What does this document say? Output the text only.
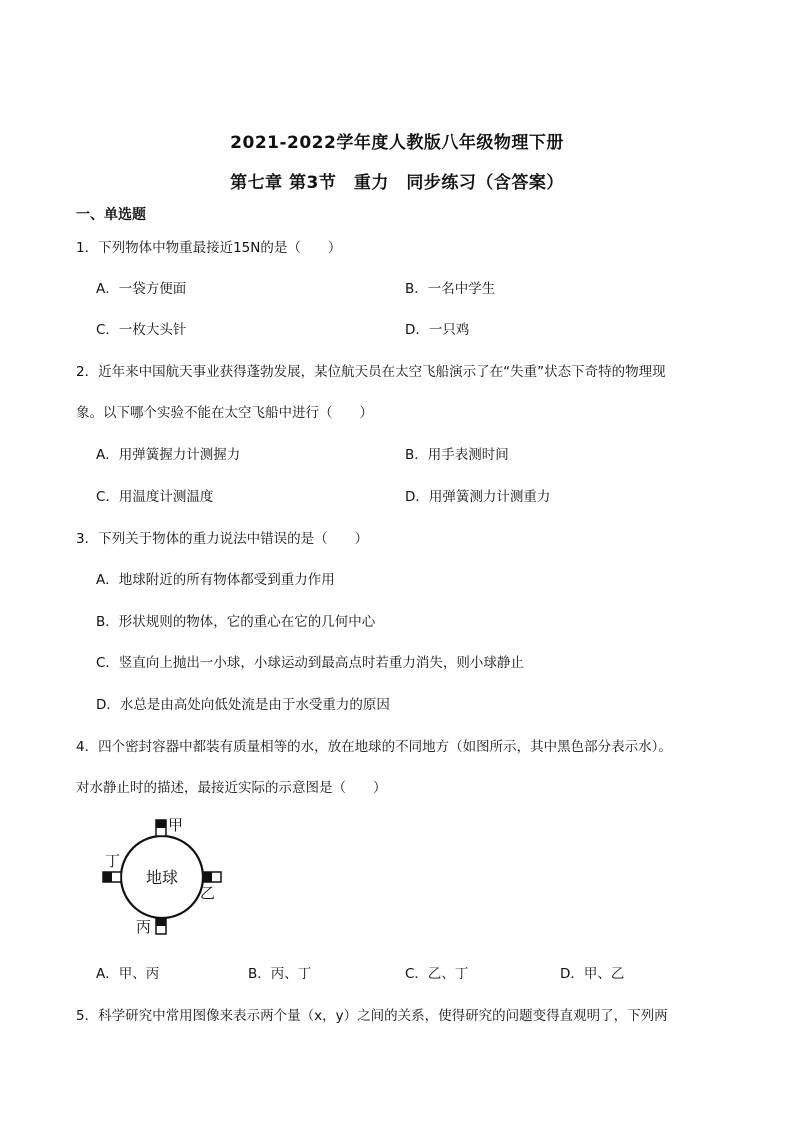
2021-2022学年度人教版八年级物理下册
第七章 第3节　重力　同步练习（含答案）
一、单选题
1．下列物体中物重最接近15N的是（　　）
A．一袋方便面	B．一名中学生
C．一枚大头针	D．一只鸡
2．近年来中国航天事业获得蓬勃发展，某位航天员在太空飞船演示了在“失重”状态下奇特的物理现
象。以下哪个实验不能在太空飞船中进行（　　）
A．用弹簧握力计测握力	B．用手表测时间
C．用温度计测温度	D．用弹簧测力计测重力
3．下列关于物体的重力说法中错误的是（　　）
A．地球附近的所有物体都受到重力作用
B．形状规则的物体，它的重心在它的几何中心
C．竖直向上抛出一小球，小球运动到最高点时若重力消失，则小球静止
D．水总是由高处向低处流是由于水受重力的原因
4．四个密封容器中都装有质量相等的水，放在地球的不同地方（如图所示，其中黑色部分表示水）。
对水静止时的描述，最接近实际的示意图是（　　）
地球
甲
乙
丙
丁
A．甲、丙	B．丙、丁	C．乙、丁	D．甲、乙
5．科学研究中常用图像来表示两个量（x，y）之间的关系，使得研究的问题变得直观明了，下列两
